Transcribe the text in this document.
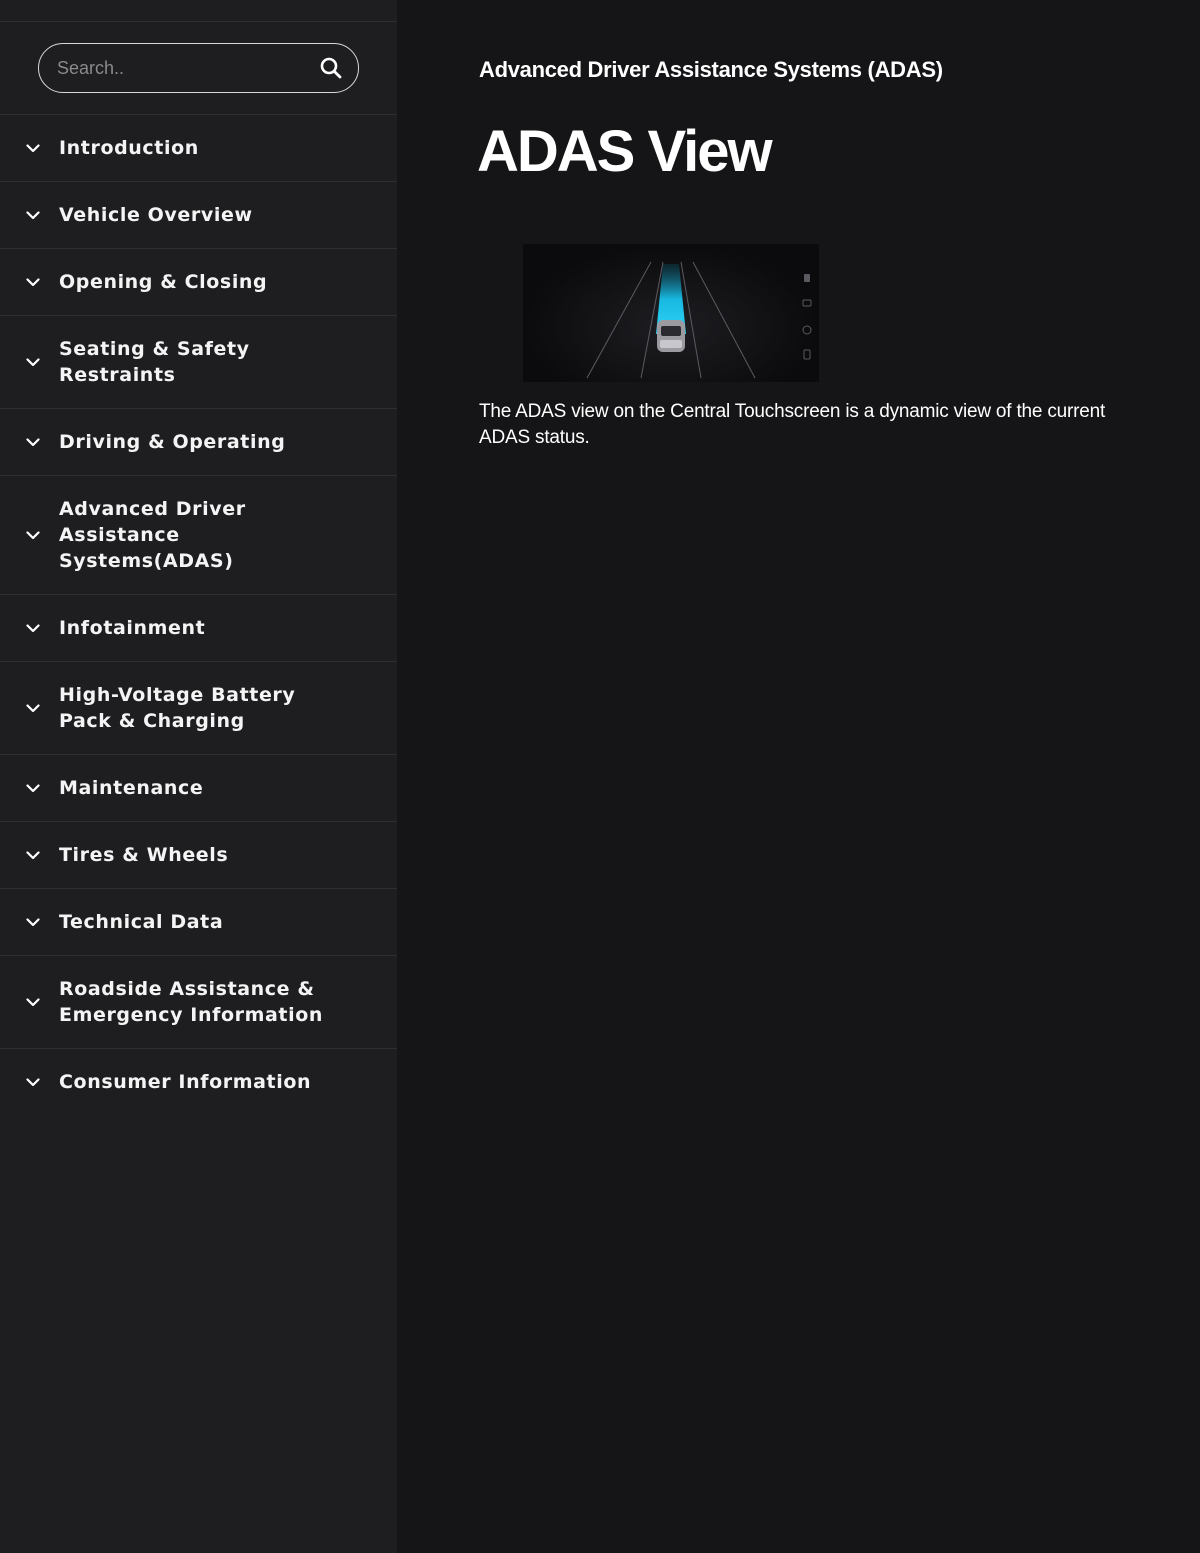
Search..
Introduction
Vehicle Overview
Opening & Closing
Seating & Safety
Restraints
Driving & Operating
Advanced Driver
Assistance
Systems(ADAS)
Infotainment
High-Voltage Battery
Pack & Charging
Maintenance
Tires & Wheels
Technical Data
Roadside Assistance &
Emergency Information
Consumer Information
Advanced Driver Assistance Systems (ADAS)
ADAS View

The ADAS view on the Central Touchscreen is a dynamic view of the current ADAS status.
